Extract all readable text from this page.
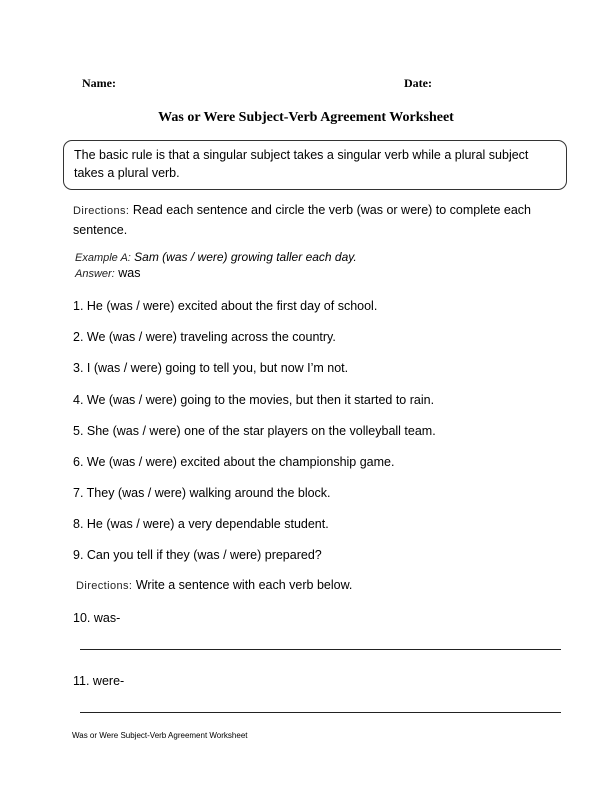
Name:	Date:
Was or Were Subject-Verb Agreement Worksheet
The basic rule is that a singular subject takes a singular verb while a plural subject takes a plural verb.
Directions: Read each sentence and circle the verb (was or were) to complete each sentence.
Example A: Sam (was / were) growing taller each day.
Answer: was
1. He (was / were) excited about the first day of school.
2. We (was / were) traveling across the country.
3. I (was / were) going to tell you, but now I’m not.
4. We (was / were) going to the movies, but then it started to rain.
5. She (was / were) one of the star players on the volleyball team.
6. We (was / were) excited about the championship game.
7. They (was / were) walking around the block.
8. He (was / were) a very dependable student.
9. Can you tell if they (was / were) prepared?
Directions: Write a sentence with each verb below.
10. was-
11. were-
Was or Were Subject-Verb Agreement Worksheet
